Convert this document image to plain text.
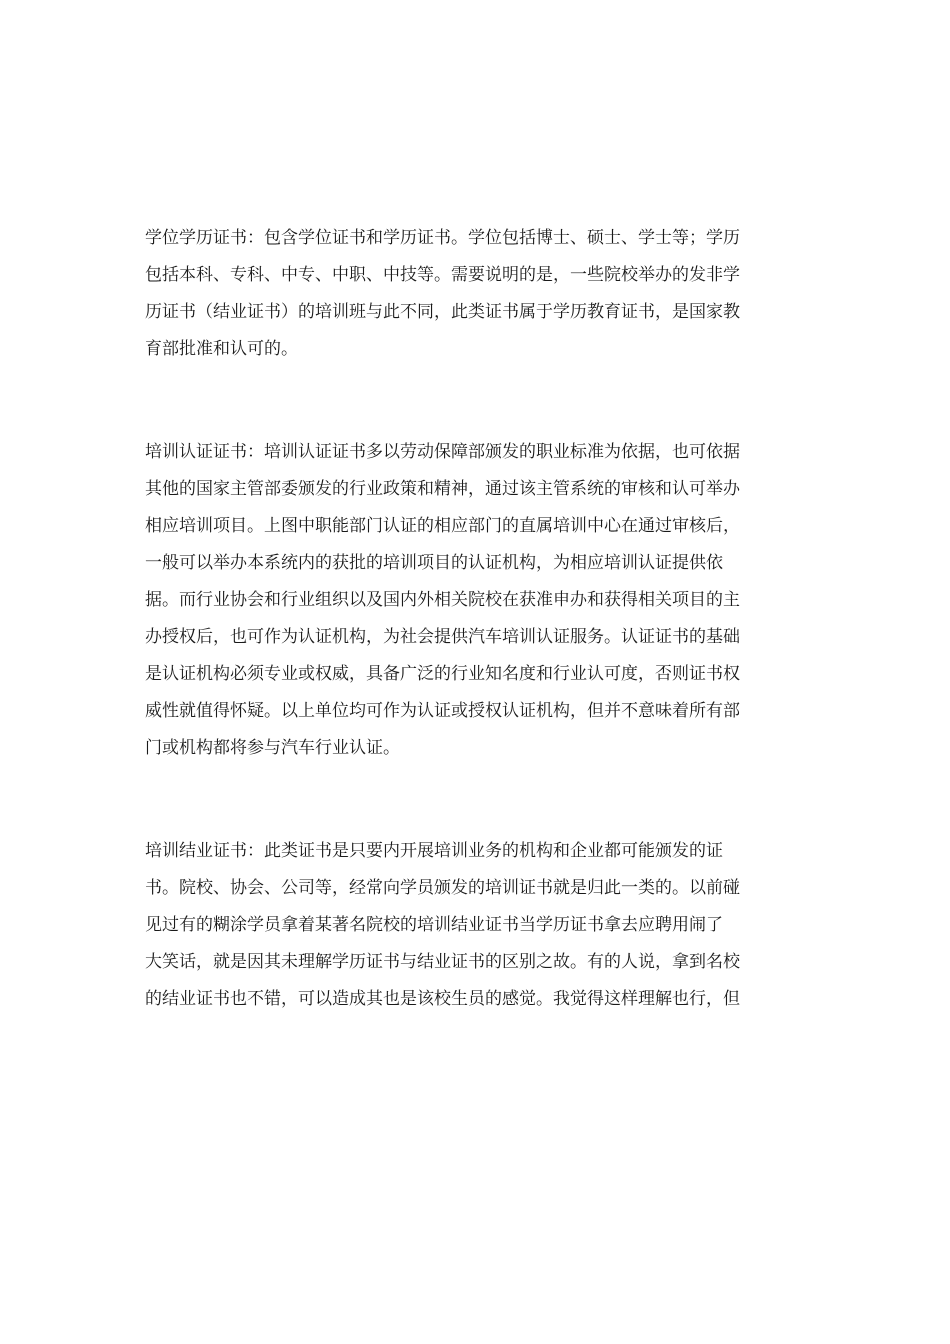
学位学历证书：包含学位证书和学历证书。学位包括博士、硕士、学士等；学历
包括本科、专科、中专、中职、中技等。需要说明的是，一些院校举办的发非学
历证书（结业证书）的培训班与此不同，此类证书属于学历教育证书，是国家教
育部批准和认可的。
培训认证证书：培训认证证书多以劳动保障部颁发的职业标准为依据，也可依据
其他的国家主管部委颁发的行业政策和精神，通过该主管系统的审核和认可举办
相应培训项目。上图中职能部门认证的相应部门的直属培训中心在通过审核后，
一般可以举办本系统内的获批的培训项目的认证机构，为相应培训认证提供依
据。而行业协会和行业组织以及国内外相关院校在获准申办和获得相关项目的主
办授权后，也可作为认证机构，为社会提供汽车培训认证服务。认证证书的基础
是认证机构必须专业或权威，具备广泛的行业知名度和行业认可度，否则证书权
威性就值得怀疑。以上单位均可作为认证或授权认证机构，但并不意味着所有部
门或机构都将参与汽车行业认证。
培训结业证书：此类证书是只要内开展培训业务的机构和企业都可能颁发的证
书。院校、协会、公司等，经常向学员颁发的培训证书就是归此一类的。以前碰
见过有的糊涂学员拿着某著名院校的培训结业证书当学历证书拿去应聘用闹了
大笑话，就是因其未理解学历证书与结业证书的区别之故。有的人说，拿到名校
的结业证书也不错，可以造成其也是该校生员的感觉。我觉得这样理解也行，但
